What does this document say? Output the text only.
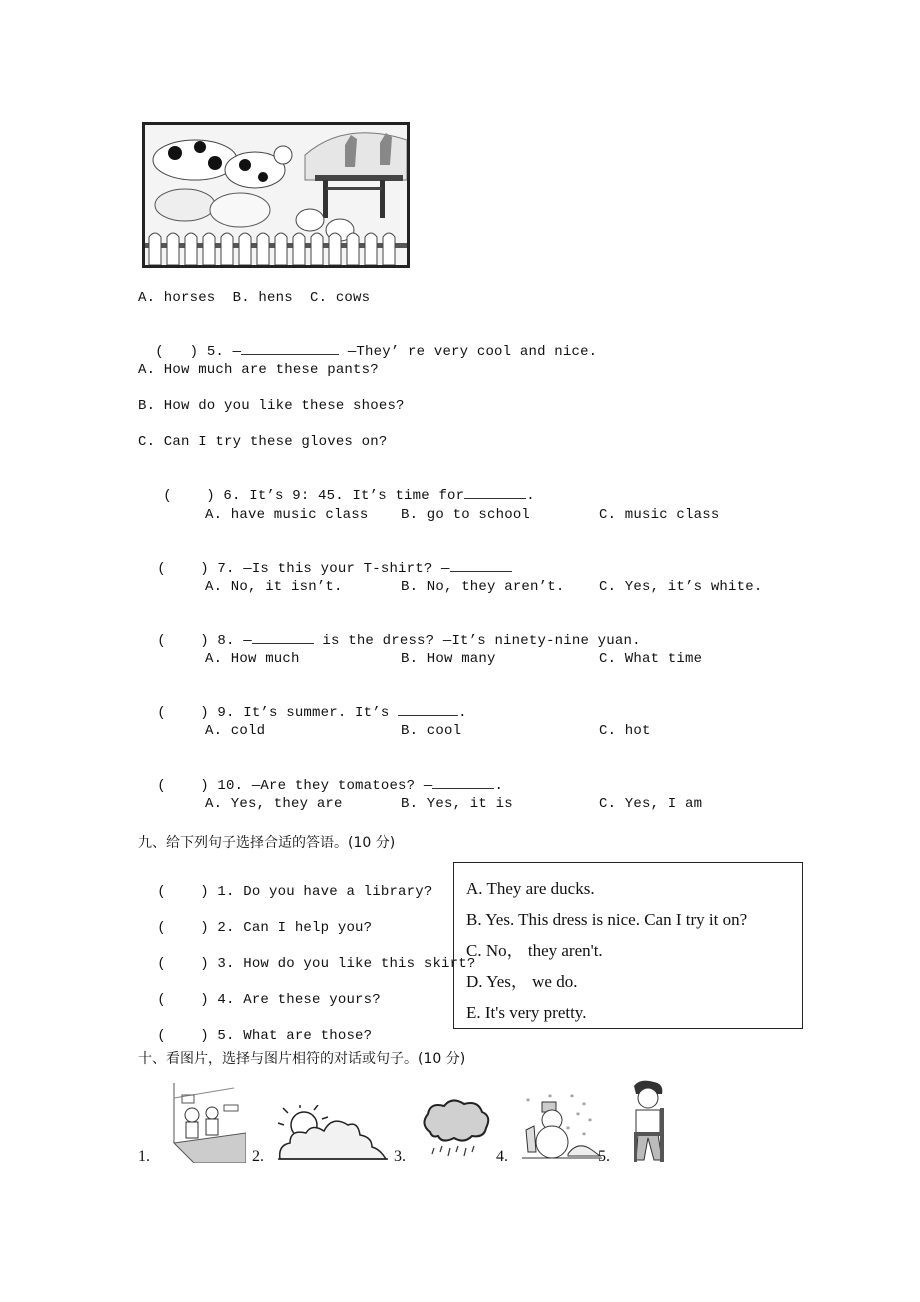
A. horses  B. hens  C. cows

(   ) 5. —	—They’ re very cool and nice.

A. How much are these pants?
B. How do you like these shoes?
C. Can I try these gloves on?

(    ) 6. It’s 9: 45. It’s time for	.

A. have music class B. go to school	C. music class

(    ) 7. —Is this your T-shirt? —

A. No, it isn’t.	B. No, they aren’t. C. Yes, it’s white.

(    ) 8. —	is the dress? —It’s ninety-nine yuan.

A. How much	B. How many	C. What time

(    ) 9. It’s summer. It’s	.

A. cold	B. cool	C. hot

(    ) 10. —Are they tomatoes? —	.

A. Yes, they are	B. Yes, it is	C. Yes, I am
九、给下列句子选择合适的答语。(10 分)

(    ) 1. Do you have a library?

(    ) 2. Can I help you?

(    ) 3. How do you like this skirt?

(    ) 4. Are these yours?

(    ) 5. What are those?

A. They are ducks.
B. Yes. This dress is nice. Can I try it on?
C. No， they aren't.
D. Yes， we do.
E. It's very pretty.
十、看图片，选择与图片相符的对话或句子。(10 分)
1.	2.	3.	4.
* * *
*
*
*
*
*
5.
